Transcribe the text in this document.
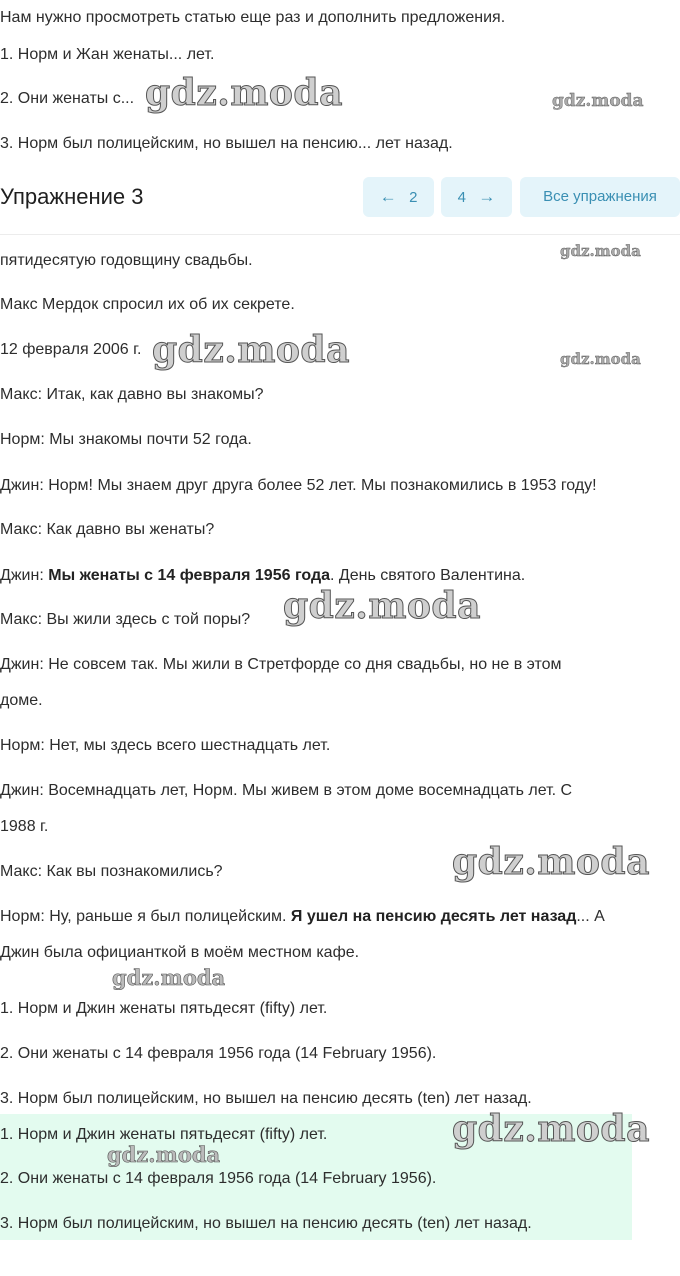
Нам нужно просмотреть статью еще раз и дополнить предложения.
1. Норм и Жан женаты... лет.
2. Они женаты с...
3. Норм был полицейским, но вышел на пенсию... лет назад.
Упражнение 3	← 2	4 →	Все упражнения
пятидесятую годовщину свадьбы.
Макс Мердок спросил их об их секрете.
12 февраля 2006 г.
Макс: Итак, как давно вы знакомы?
Норм: Мы знакомы почти 52 года.
Джин: Норм! Мы знаем друг друга более 52 лет. Мы познакомились в 1953 году!
Макс: Как давно вы женаты?
Джин: Мы женаты с 14 февраля 1956 года. День святого Валентина.
Макс: Вы жили здесь с той поры?
Джин: Не совсем так. Мы жили в Стретфорде со дня свадьбы, но не в этом
доме.
Норм: Нет, мы здесь всего шестнадцать лет.
Джин: Восемнадцать лет, Норм. Мы живем в этом доме восемнадцать лет. С
1988 г.
Макс: Как вы познакомились?
Норм: Ну, раньше я был полицейским. Я ушел на пенсию десять лет назад... А
Джин была официанткой в моём местном кафе.
1. Норм и Джин женаты пятьдесят (fifty) лет.
2. Они женаты с 14 февраля 1956 года (14 February 1956).
3. Норм был полицейским, но вышел на пенсию десять (ten) лет назад.
1. Норм и Джин женаты пятьдесят (fifty) лет.
2. Они женаты с 14 февраля 1956 года (14 February 1956).
3. Норм был полицейским, но вышел на пенсию десять (ten) лет назад.
gdz.moda	gdz.moda
gdz.moda
gdz.moda	gdz.moda
gdz.moda
gdz.moda
gdz.moda
gdz.moda
gdz.moda
